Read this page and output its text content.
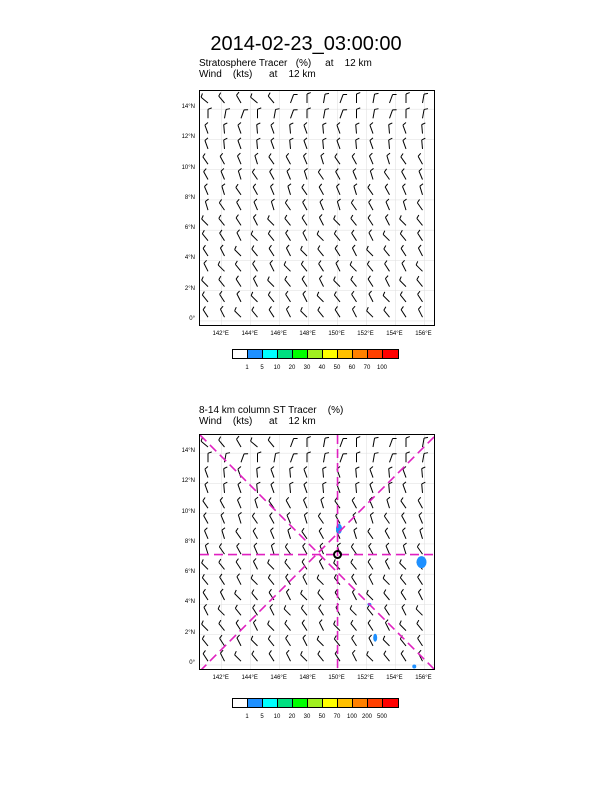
2014-02-23_03:00:00
Stratosphere Tracer   (%)     at    12 km
Wind    (kts)      at    12 km
14°N
12°N
10°N
8°N
6°N
4°N
2°N
0°
142°E	144°E	146°E	148°E	150°E	152°E	154°E	156°E
1	5	10	20	30	40	50	60	70	100
8-14 km column ST Tracer    (%)
Wind    (kts)      at    12 km
14°N
12°N
10°N
8°N
6°N
4°N
2°N
0°
142°E	144°E	146°E	148°E	150°E	152°E	154°E	156°E
1	5	10	20	30	50	70	100 200 500
